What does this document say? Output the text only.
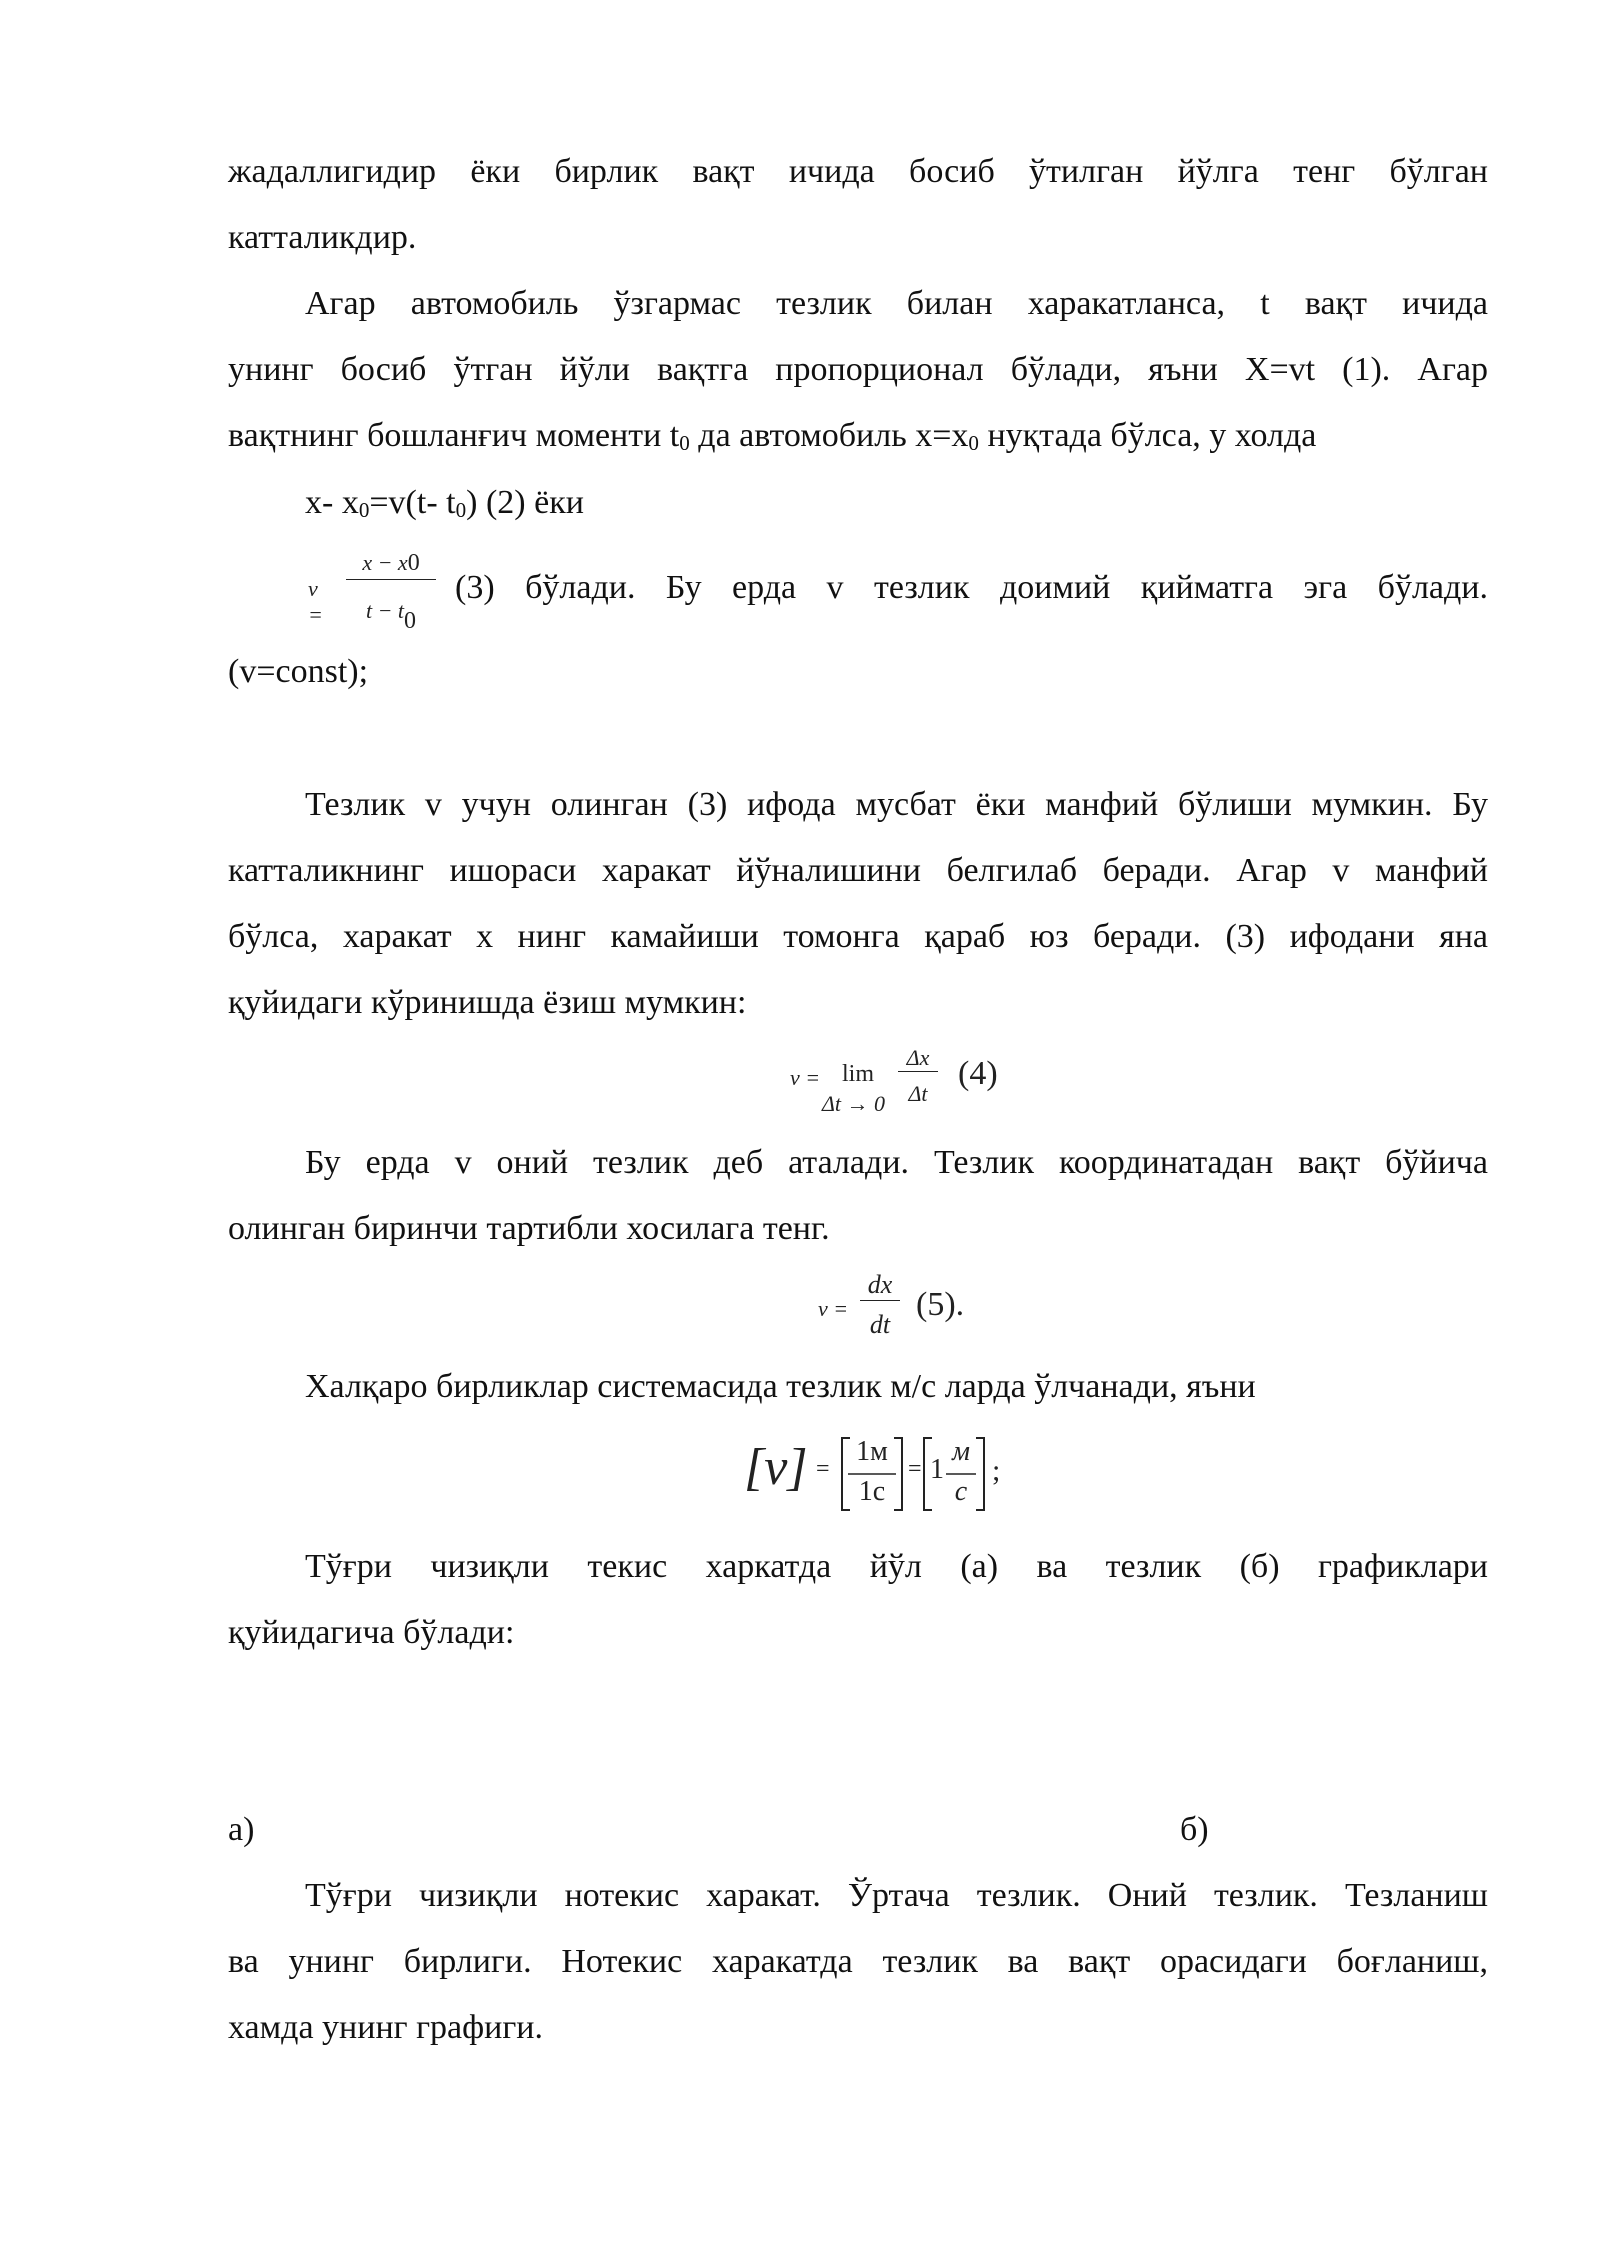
жадаллигидир ёки бирлик вақт ичида босиб ўтилган йўлга тенг бўлган
катталикдир.
Агар автомобиль ўзгармас тезлик билан харакатланса, t вақт ичида
унинг босиб ўтган йўли вақтга пропорционал бўлади, яъни X=vt (1). Агар
вақтнинг бошланғич моменти $t_0$ да автомобиль $x=x_0$ нуқтада бўлса, у холда
x- $x_0=v(t-$ $t_0$) (2) ёки
v =
x − x0
t − t0
(3) бўлади. Бу ерда v тезлик доимий қийматга эга бўлади.
(v=const);
Тезлик v учун олинган (3) ифода мусбат ёки манфий бўлиши мумкин. Бу
катталикнинг ишораси харакат йўналишини белгилаб беради. Агар v манфий
бўлса, харакат x нинг камайиши томонга қараб юз беради. (3) ифодани яна
қуйидаги кўринишда ёзиш мумкин:
v = lim
Δt → 0
Δx
Δt
(4)
Бу ерда v оний тезлик деб аталади. Тезлик координатадан вақт бўйича
олинган биринчи тартибли хосилага тенг.
v =
dx
dt
(5).
Халқаро бирликлар системасида тезлик м/с ларда ўлчанади, яъни
[v] =
1м
1с
= 1
м
с
;
Тўғри чизиқли текис харкатда йўл (а) ва тезлик (б) графиклари
қуйидагича бўлади:
а)	б)
Тўғри чизиқли нотекис харакат. Ўртача тезлик. Оний тезлик. Тезланиш
ва унинг бирлиги. Нотекис харакатда тезлик ва вақт орасидаги боғланиш,
хамда унинг графиги.
